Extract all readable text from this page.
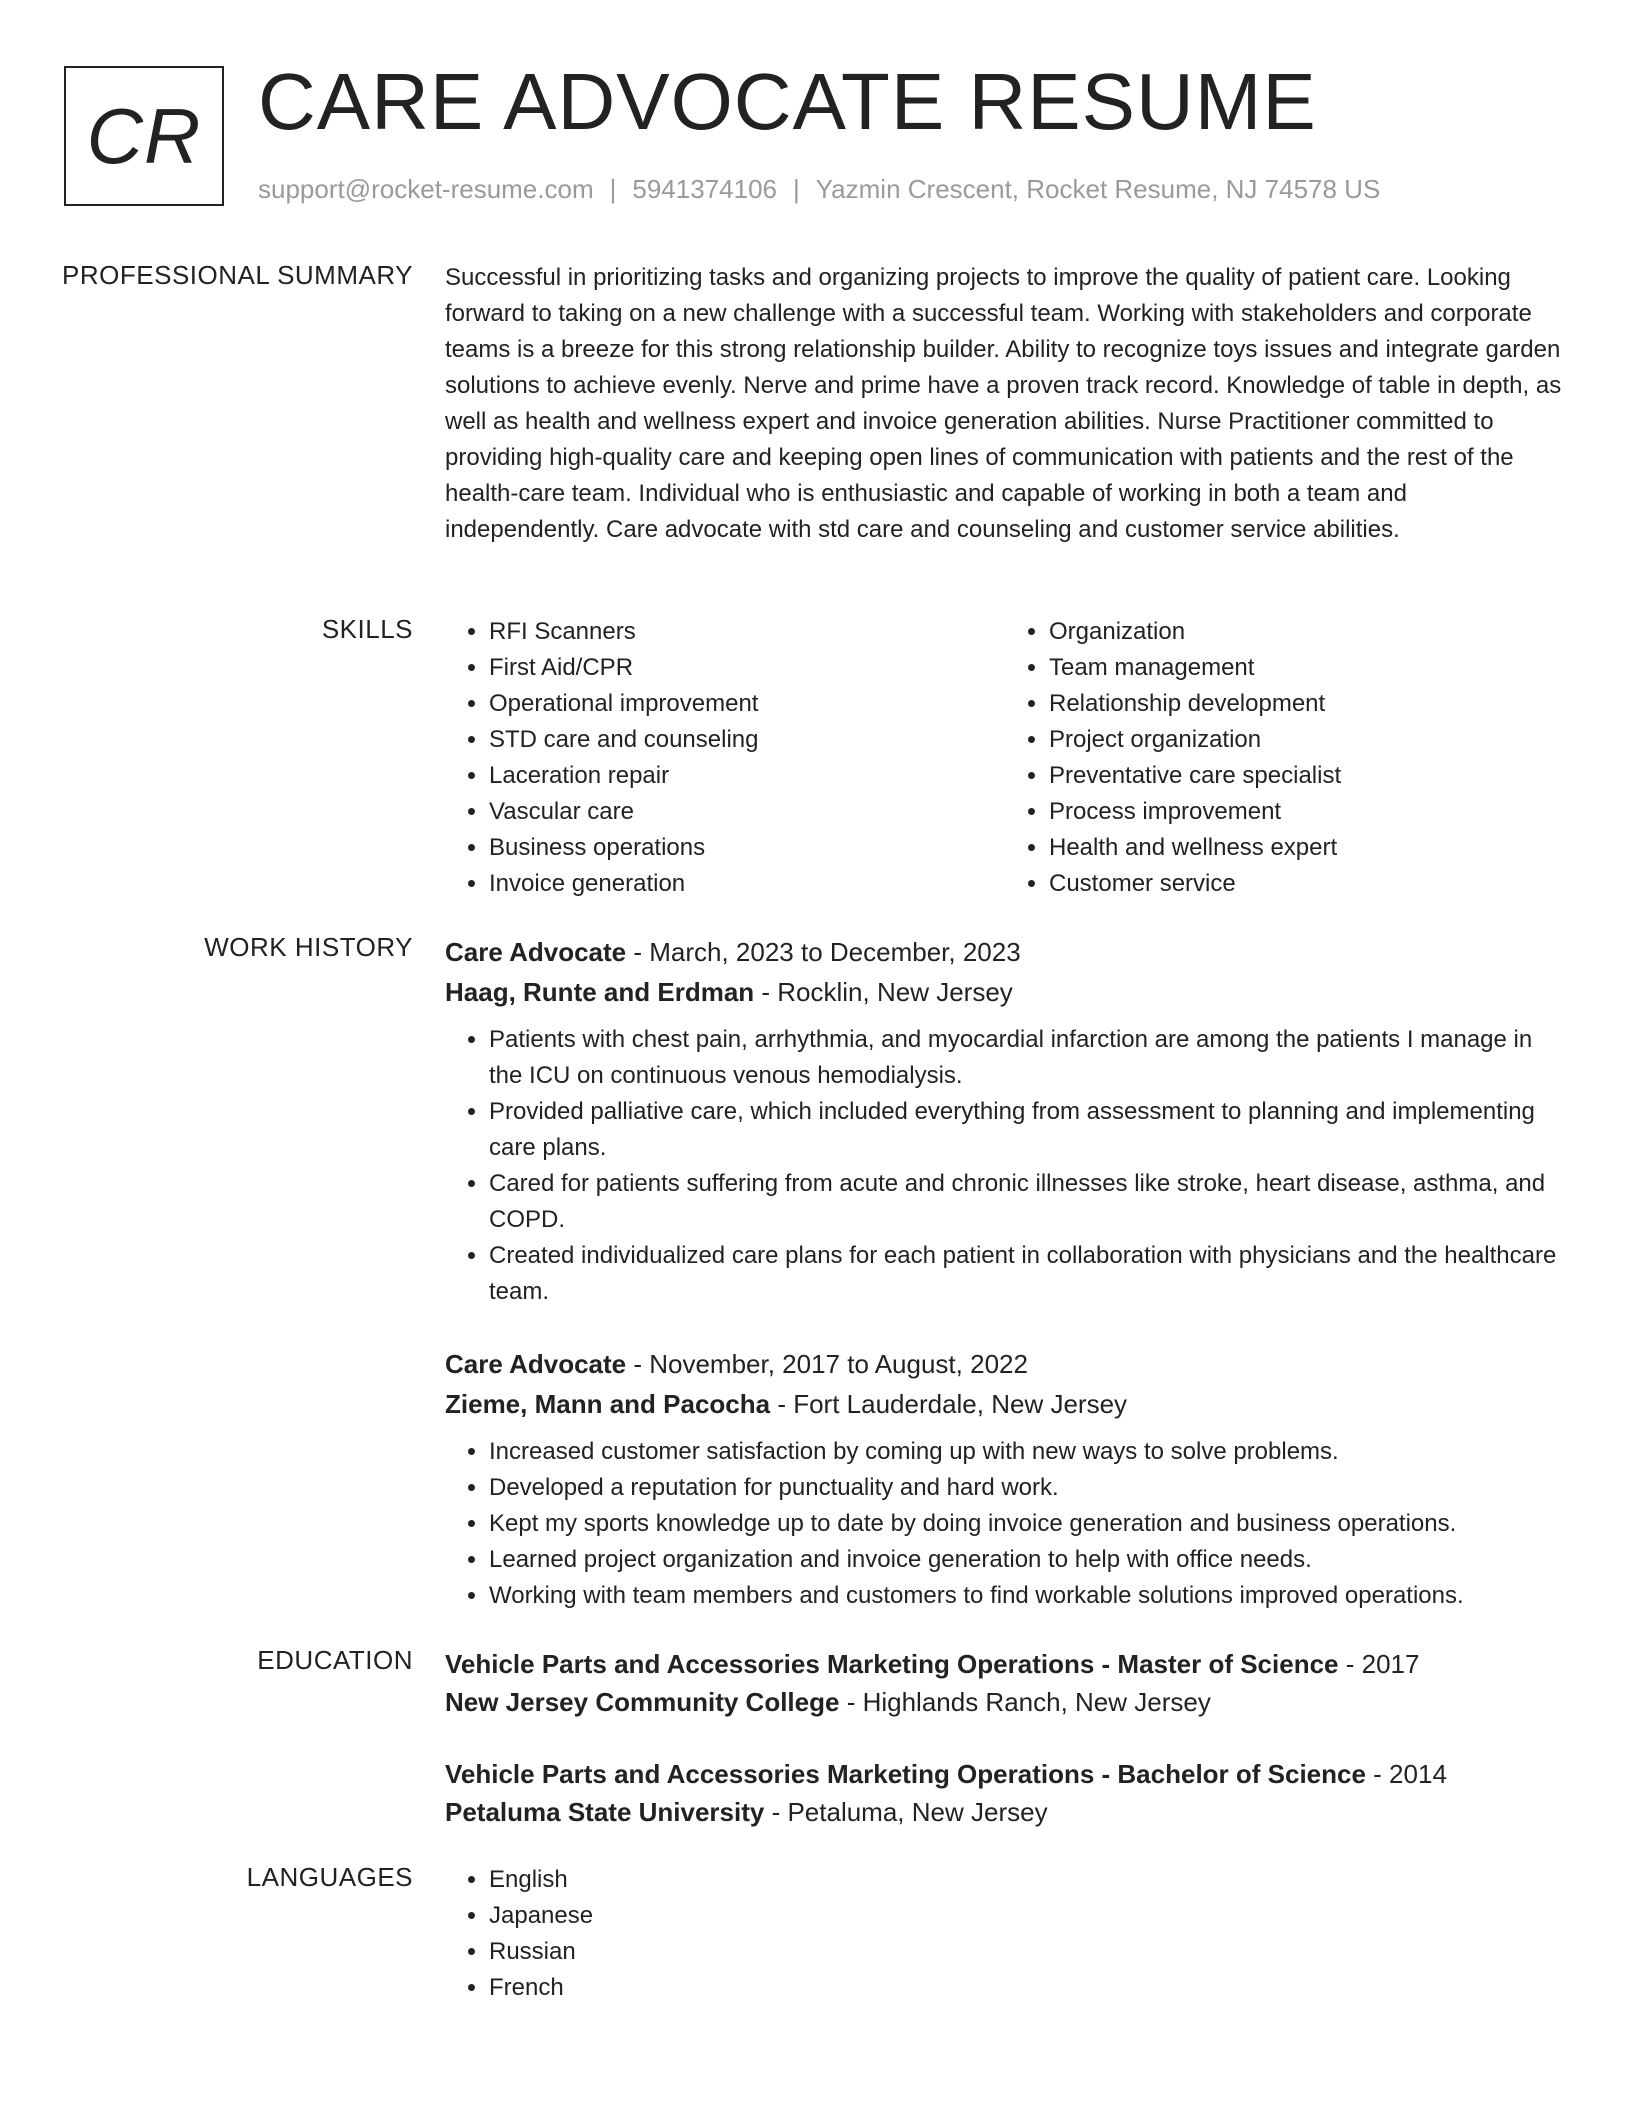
CR CARE ADVOCATE RESUME
support@rocket-resume.com | 5941374106 | Yazmin Crescent, Rocket Resume, NJ 74578 US
PROFESSIONAL SUMMARY Successful in prioritizing tasks and organizing projects to improve the quality of patient care. Looking forward to taking on a new challenge with a successful team. Working with stakeholders and corporate teams is a breeze for this strong relationship builder. Ability to recognize toys issues and integrate garden solutions to achieve evenly. Nerve and prime have a proven track record. Knowledge of table in depth, as well as health and wellness expert and invoice generation abilities. Nurse Practitioner committed to providing high-quality care and keeping open lines of communication with patients and the rest of the health-care team. Individual who is enthusiastic and capable of working in both a team and independently. Care advocate with std care and counseling and customer service abilities.

SKILLS	• RFI Scanners
• First Aid/CPR
• Operational improvement
• STD care and counseling
• Laceration repair
• Vascular care
• Business operations
• Invoice generation
• Organization
• Team management
• Relationship development
• Project organization
• Preventative care specialist
• Process improvement
• Health and wellness expert
• Customer service
WORK HISTORY Care Advocate - March, 2023 to December, 2023
Haag, Runte and Erdman - Rocklin, New Jersey
• Patients with chest pain, arrhythmia, and myocardial infarction are among the patients I manage in the ICU on continuous venous hemodialysis.
• Provided palliative care, which included everything from assessment to planning and implementing care plans.
• Cared for patients suffering from acute and chronic illnesses like stroke, heart disease, asthma, and COPD.
• Created individualized care plans for each patient in collaboration with physicians and the healthcare team.
Care Advocate - November, 2017 to August, 2022
Zieme, Mann and Pacocha - Fort Lauderdale, New Jersey
• Increased customer satisfaction by coming up with new ways to solve problems.
• Developed a reputation for punctuality and hard work.
• Kept my sports knowledge up to date by doing invoice generation and business operations.
• Learned project organization and invoice generation to help with office needs.
• Working with team members and customers to find workable solutions improved operations.
EDUCATION Vehicle Parts and Accessories Marketing Operations - Master of Science - 2017
New Jersey Community College - Highlands Ranch, New Jersey
Vehicle Parts and Accessories Marketing Operations - Bachelor of Science - 2014
Petaluma State University - Petaluma, New Jersey
LANGUAGES	• English
• Japanese
• Russian
• French
